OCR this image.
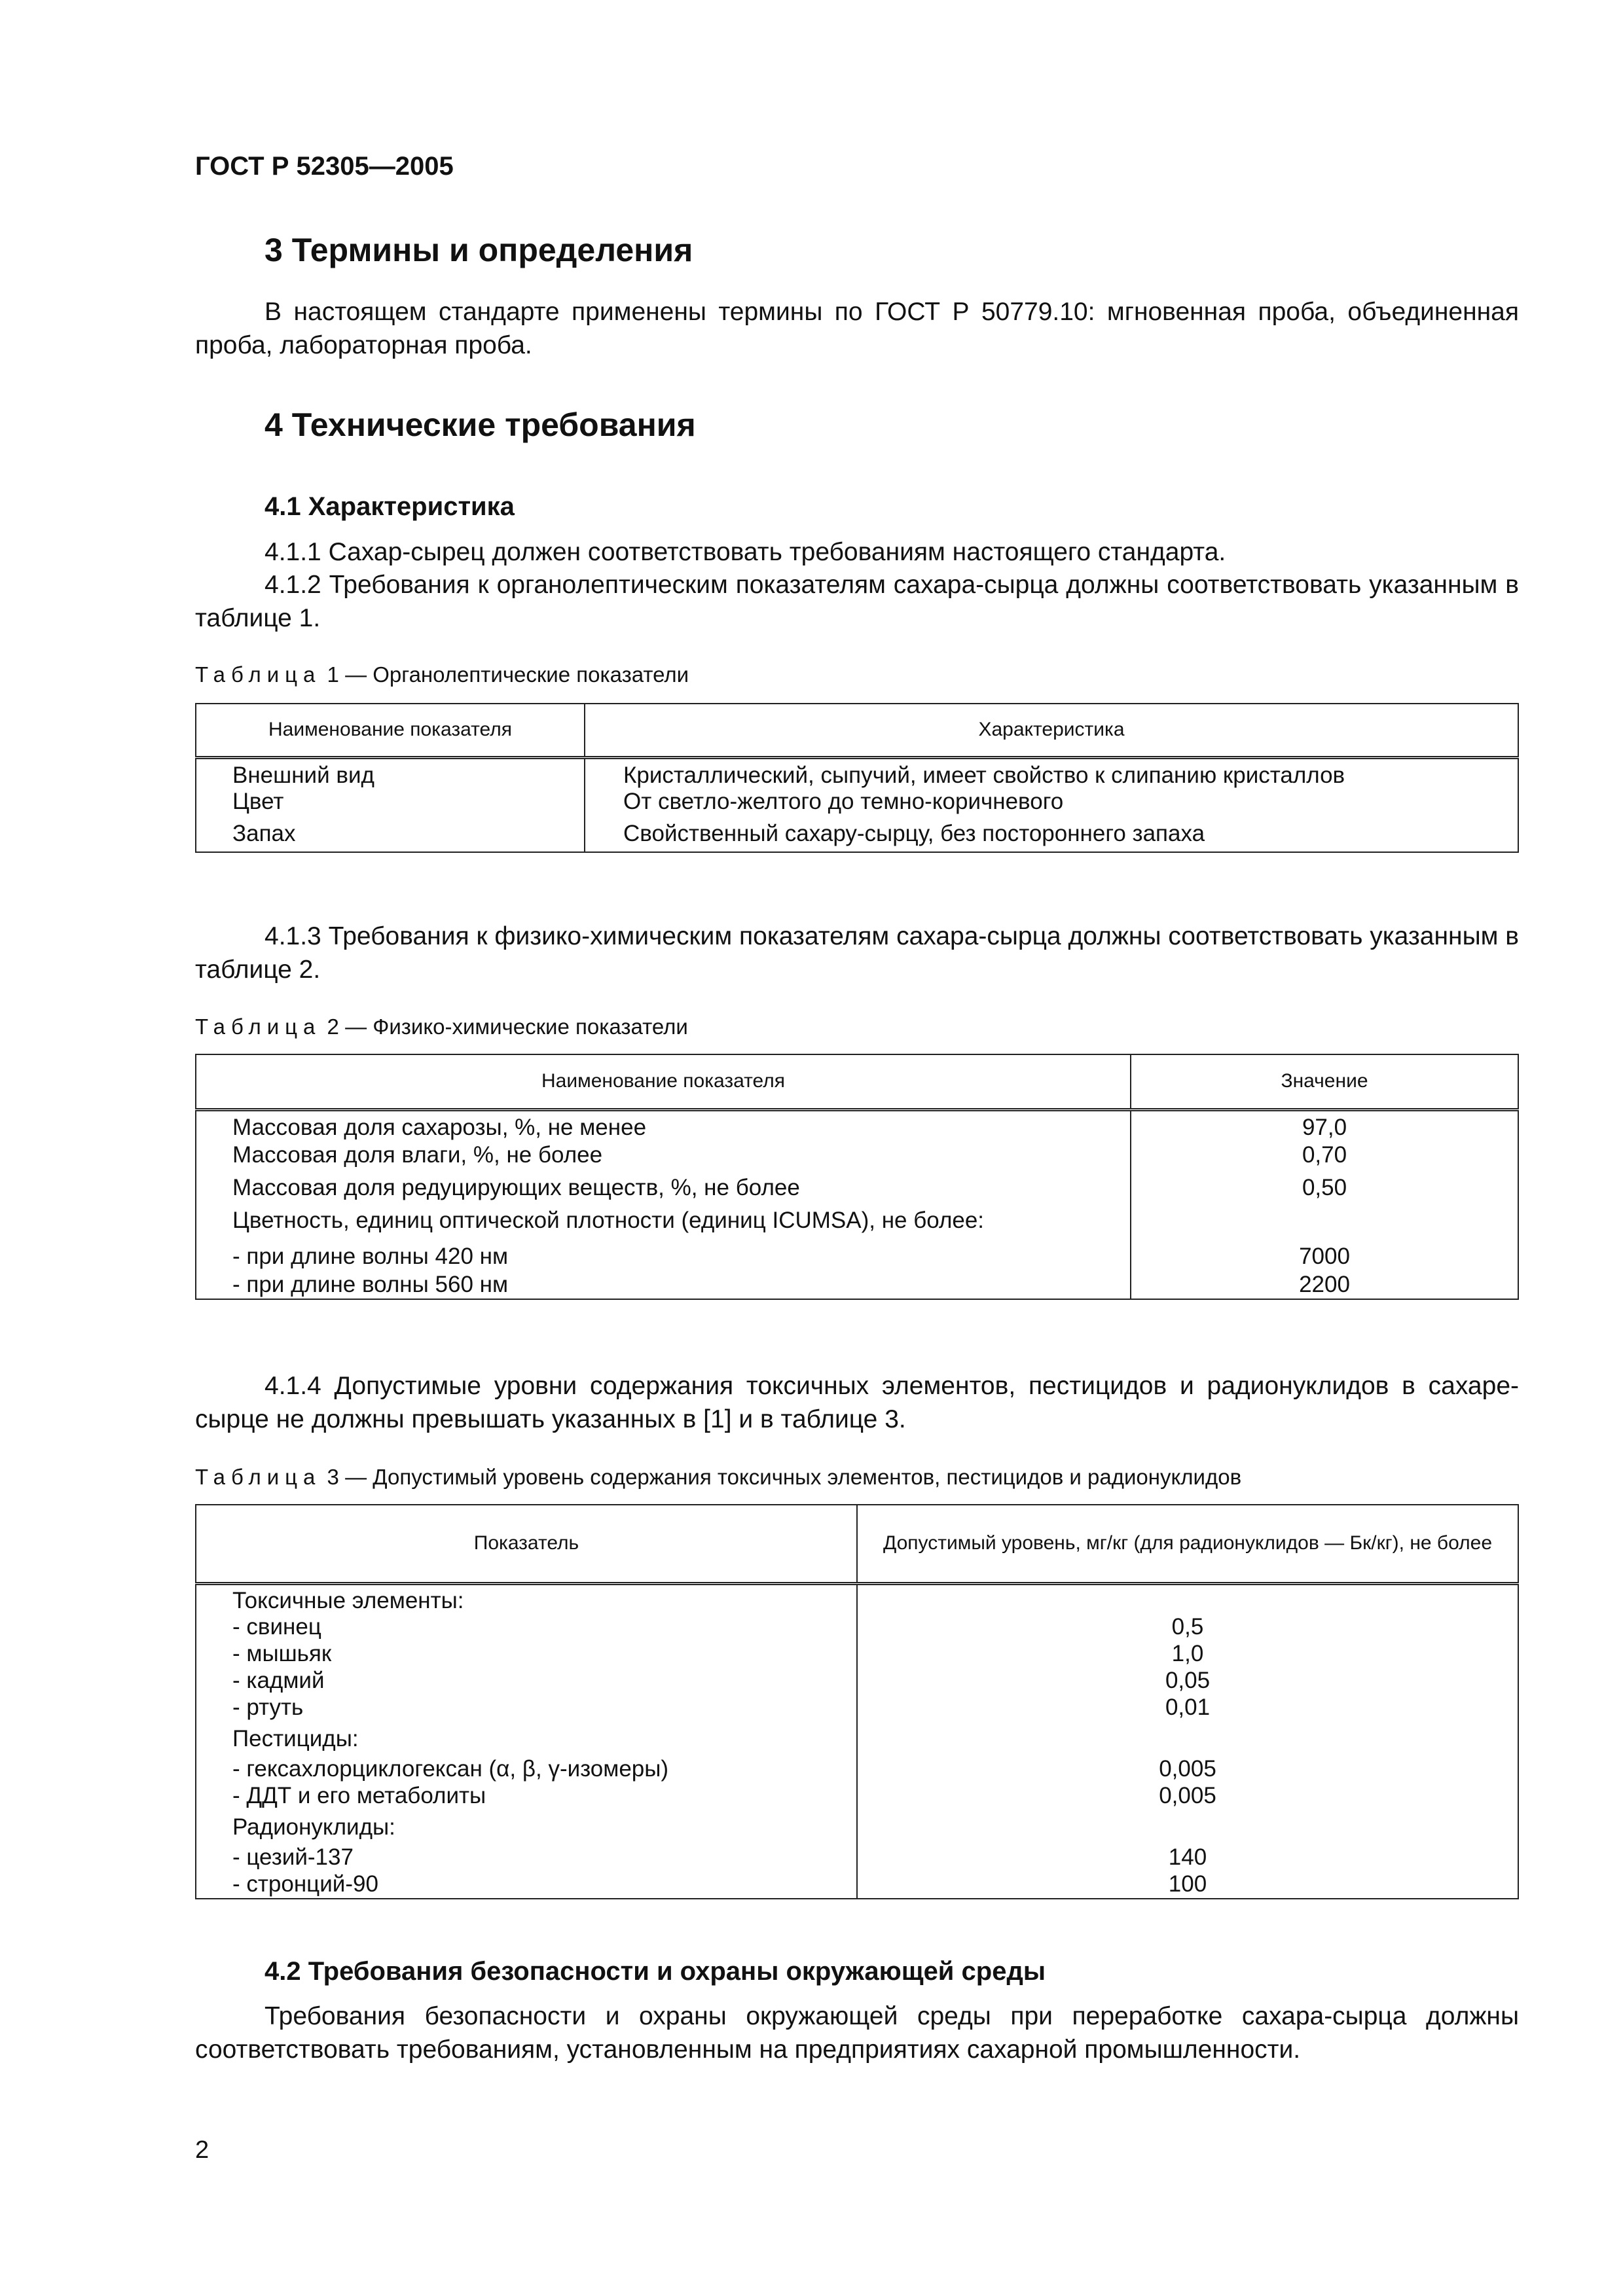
ГОСТ Р 52305—2005
3 Термины и определения

В настоящем стандарте применены термины по ГОСТ Р 50779.10: мгновенная проба, объединенная проба, лабораторная проба.

4 Технические требования
4.1 Характеристика

4.1.1 Сахар-сырец должен соответствовать требованиям настоящего стандарта.

4.1.2 Требования к органолептическим показателям сахара-сырца должны соответствовать указанным в таблице 1.

Таблица 1 — Органолептические показатели

Наименование показателя	Характеристика
Внешний вид	Кристаллический, сыпучий, имеет свойство к слипанию кристаллов
Цвет	От светло-желтого до темно-коричневого
Запах	Свойственный сахару-сырцу, без постороннего запаха

4.1.3 Требования к физико-химическим показателям сахара-сырца должны соответствовать указанным в таблице 2.

Таблица 2 — Физико-химические показатели

Наименование показателя	Значение
Массовая доля сахарозы, %, не менее	97,0
Массовая доля влаги, %, не более	0,70
Массовая доля редуцирующих веществ, %, не более	0,50
Цветность, единиц оптической плотности (единиц ICUMSA), не более:	
- при длине волны 420 нм	7000
- при длине волны 560 нм	2200

4.1.4 Допустимые уровни содержания токсичных элементов, пестицидов и радионуклидов в сахаре-сырце не должны превышать указанных в [1] и в таблице 3.

Таблица 3 — Допустимый уровень содержания токсичных элементов, пестицидов и радионуклидов

Показатель	Допустимый уровень, мг/кг (для радионуклидов — Бк/кг), не более
Токсичные элементы:	
- свинец	0,5
- мышьяк	1,0
- кадмий	0,05
- ртуть	0,01
Пестициды:	
- гексахлорциклогексан (α, β, γ-изомеры)	0,005
- ДДТ и его метаболиты	0,005
Радионуклиды:	
- цезий-137	140
- стронций-90	100
4.2 Требования безопасности и охраны окружающей среды

Требования безопасности и охраны окружающей среды при переработке сахара-сырца должны соответствовать требованиям, установленным на предприятиях сахарной промышленности.

2
